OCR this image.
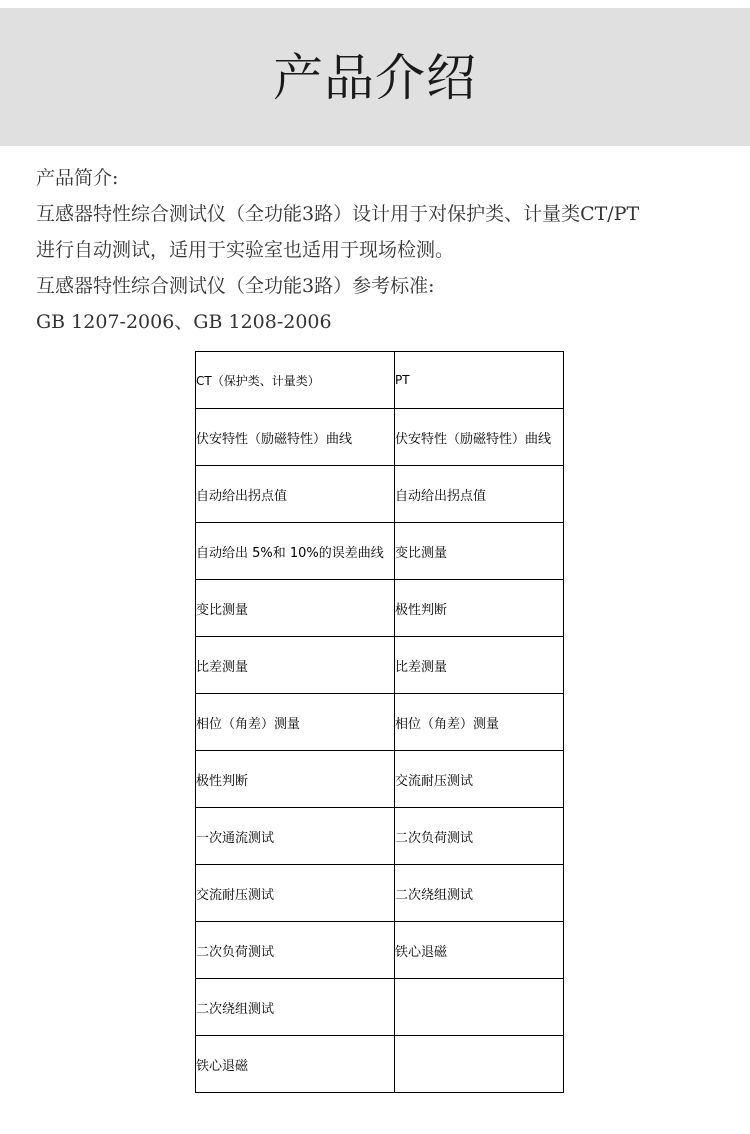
产品介绍
产品简介:
互感器特性综合测试仪（全功能3路）设计用于对保护类、计量类CT/PT
进行自动测试，适用于实验室也适用于现场检测。
互感器特性综合测试仪（全功能3路）参考标准:
GB 1207-2006、GB 1208-2006
CT（保护类、计量类）	PT
伏安特性（励磁特性）曲线	伏安特性（励磁特性）曲线
自动给出拐点值	自动给出拐点值
自动给出 5%和 10%的误差曲线	变比测量
变比测量	极性判断
比差测量	比差测量
相位（角差）测量	相位（角差）测量
极性判断	交流耐压测试
一次通流测试	二次负荷测试
交流耐压测试	二次绕组测试
二次负荷测试	铁心退磁
二次绕组测试	
铁心退磁	
